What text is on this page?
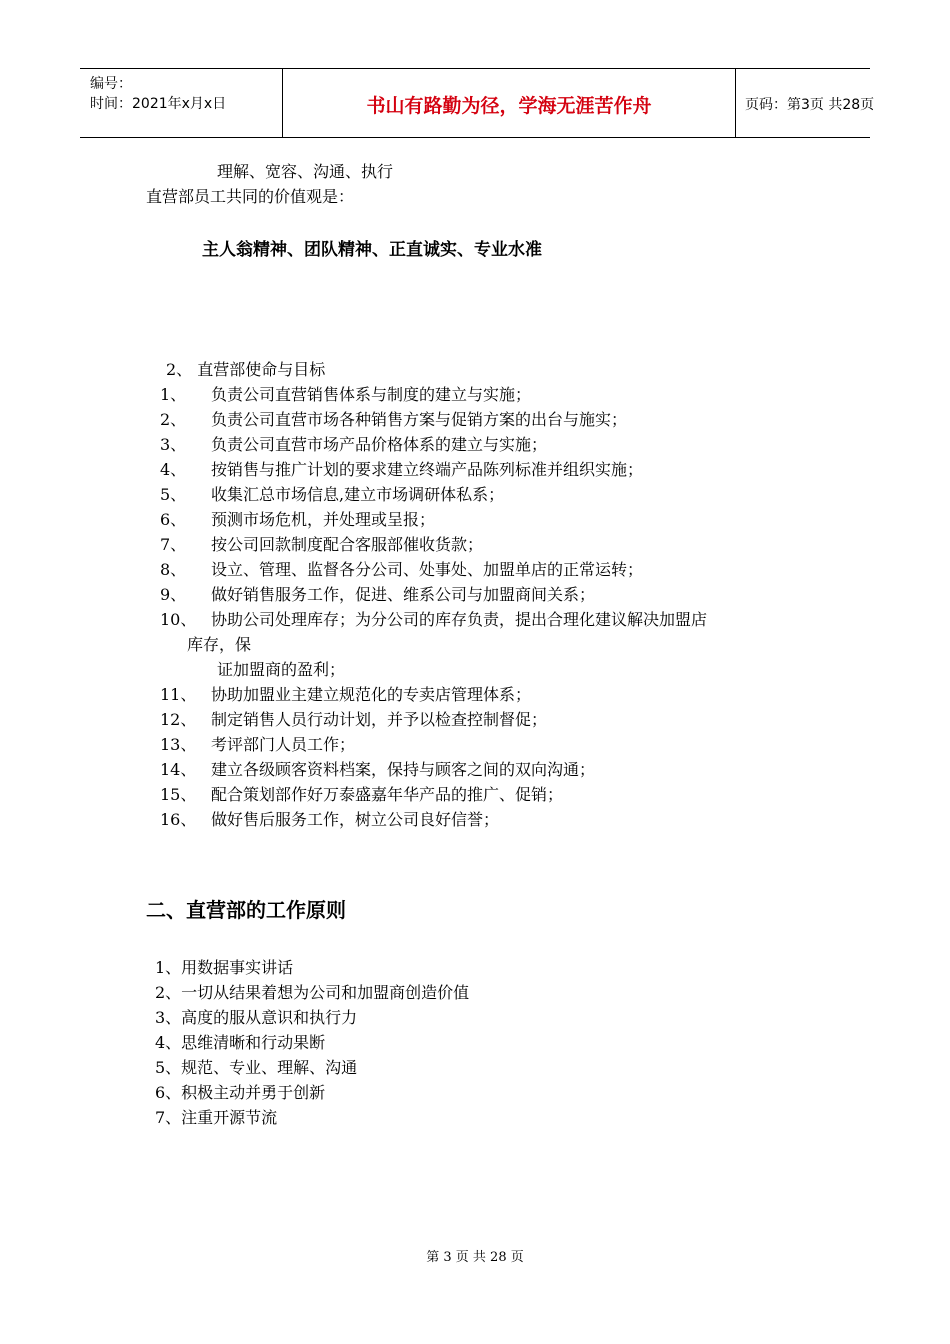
编号：
时间：2021年x月x日	书山有路勤为径，学海无涯苦作舟	页码：第3页 共28页
理解、宽容、沟通、执行
直营部员工共同的价值观是：
主人翁精神、团队精神、正直诚实、专业水准
2、 直营部使命与目标
1、 负责公司直营销售体系与制度的建立与实施；
2、 负责公司直营市场各种销售方案与促销方案的出台与施实；
3、 负责公司直营市场产品价格体系的建立与实施；
4、 按销售与推广计划的要求建立终端产品陈列标准并组织实施；
5、 收集汇总市场信息,建立市场调研体私系；
6、 预测市场危机，并处理或呈报；
7、 按公司回款制度配合客服部催收货款；
8、 设立、管理、监督各分公司、处事处、加盟单店的正常运转；
9、 做好销售服务工作，促进、维系公司与加盟商间关系；
10、 协助公司处理库存；为分公司的库存负责，提出合理化建议解决加盟店
库存，保
证加盟商的盈利；
11、 协助加盟业主建立规范化的专卖店管理体系；
12、 制定销售人员行动计划，并予以检查控制督促；
13、 考评部门人员工作；
14、 建立各级顾客资料档案，保持与顾客之间的双向沟通；
15、 配合策划部作好万泰盛嘉年华产品的推广、促销；
16、 做好售后服务工作，树立公司良好信誉；
二、直营部的工作原则
1、用数据事实讲话
2、一切从结果着想为公司和加盟商创造价值
3、高度的服从意识和执行力
4、思维清晰和行动果断
5、规范、专业、理解、沟通
6、积极主动并勇于创新
7、注重开源节流
第 3 页 共 28 页
